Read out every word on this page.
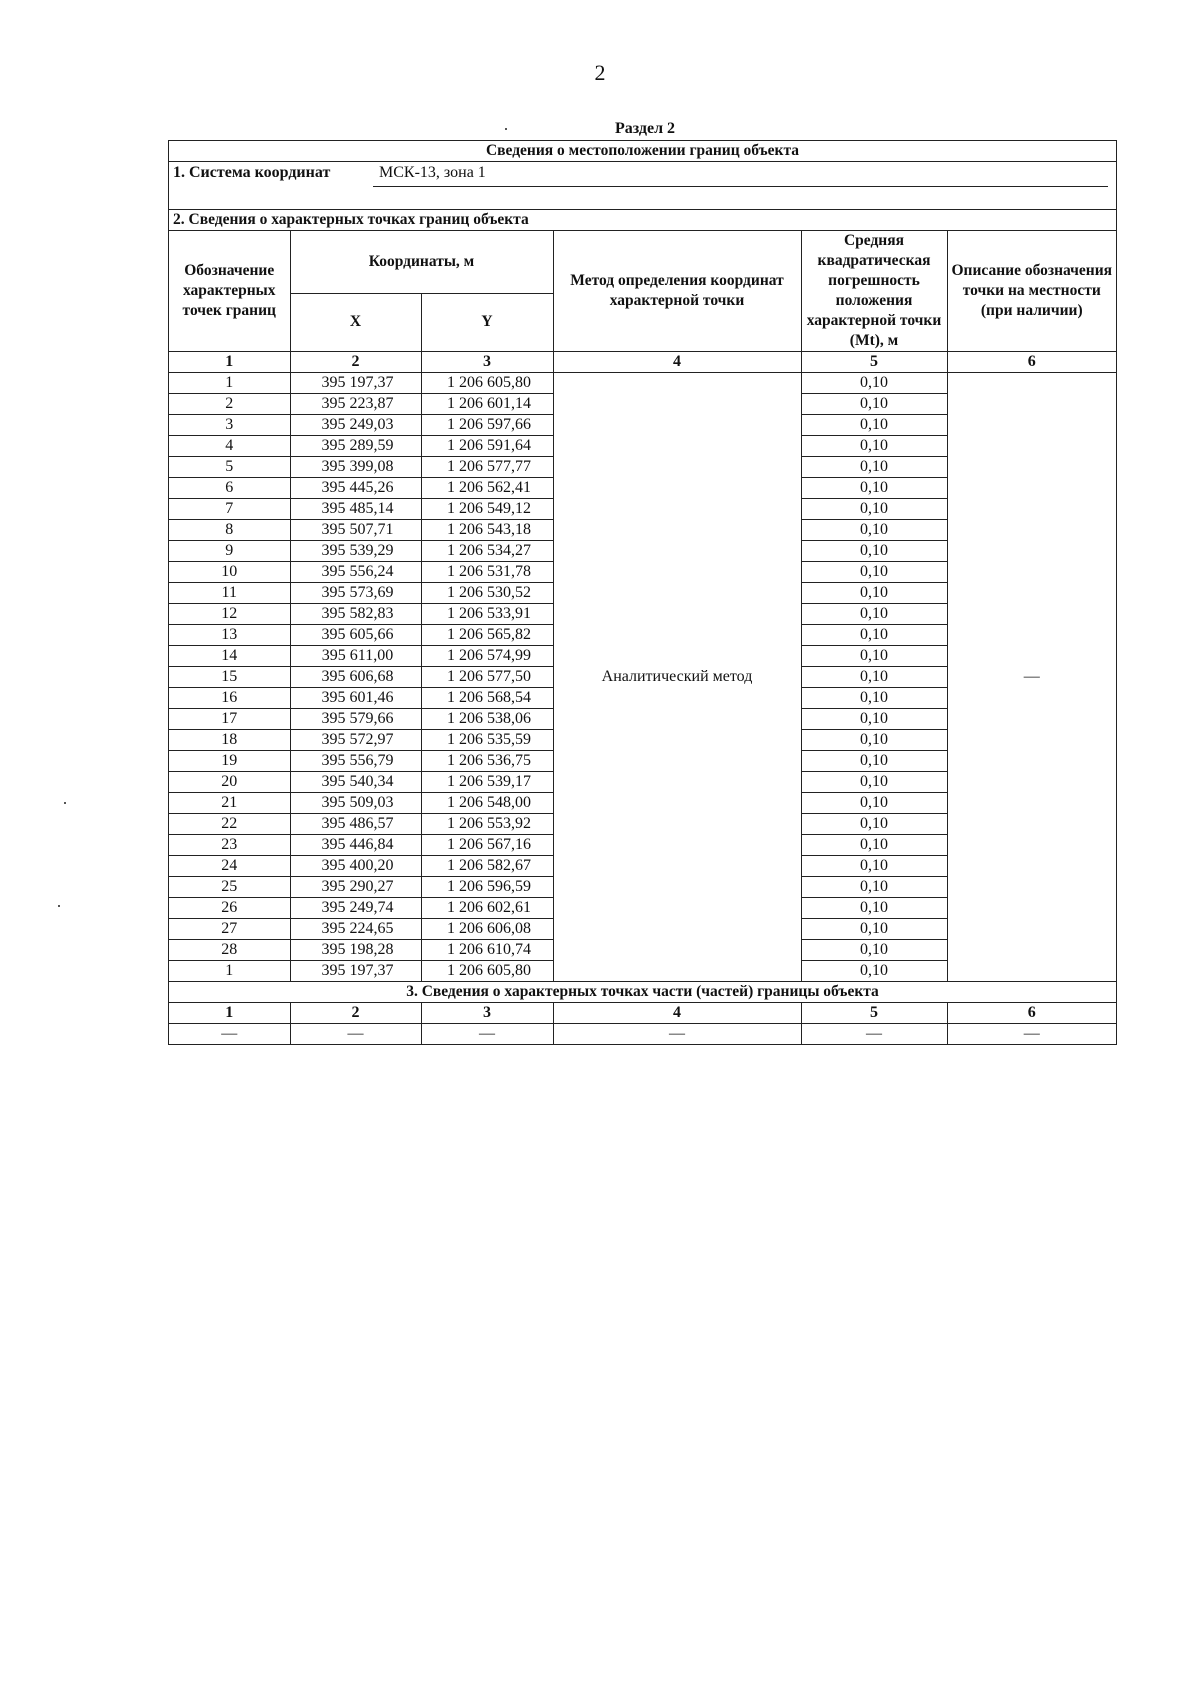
2
Раздел 2
Сведения о местоположении границ объекта
1. Система координат	МСК-13, зона 1
2. Сведения о характерных точках границ объекта
Обозначение характерных точек границ	Координаты, м		Метод определения координат характерной точки	Средняя квадратическая погрешность положения характерной точки (Mt), м	Описание обозначения точки на местности (при наличии)
	X	Y			
1	2	3	4	5	6
1	395 197,37	1 206 605,80	Аналитический метод	0,10	—
2	395 223,87	1 206 601,14		0,10	
3	395 249,03	1 206 597,66		0,10	
4	395 289,59	1 206 591,64		0,10	
5	395 399,08	1 206 577,77		0,10	
6	395 445,26	1 206 562,41		0,10	
7	395 485,14	1 206 549,12		0,10	
8	395 507,71	1 206 543,18		0,10	
9	395 539,29	1 206 534,27		0,10	
10	395 556,24	1 206 531,78		0,10	
11	395 573,69	1 206 530,52		0,10	
12	395 582,83	1 206 533,91		0,10	
13	395 605,66	1 206 565,82		0,10	
14	395 611,00	1 206 574,99		0,10	
15	395 606,68	1 206 577,50		0,10	
16	395 601,46	1 206 568,54		0,10	
17	395 579,66	1 206 538,06		0,10	
18	395 572,97	1 206 535,59		0,10	
19	395 556,79	1 206 536,75		0,10	
20	395 540,34	1 206 539,17		0,10	
21	395 509,03	1 206 548,00		0,10	
22	395 486,57	1 206 553,92		0,10	
23	395 446,84	1 206 567,16		0,10	
24	395 400,20	1 206 582,67		0,10	
25	395 290,27	1 206 596,59		0,10	
26	395 249,74	1 206 602,61		0,10	
27	395 224,65	1 206 606,08		0,10	
28	395 198,28	1 206 610,74		0,10	
1	395 197,37	1 206 605,80		0,10	
3. Сведения о характерных точках части (частей) границы объекта					
1	2	3	4	5	6
—	—	—	—	—	—
